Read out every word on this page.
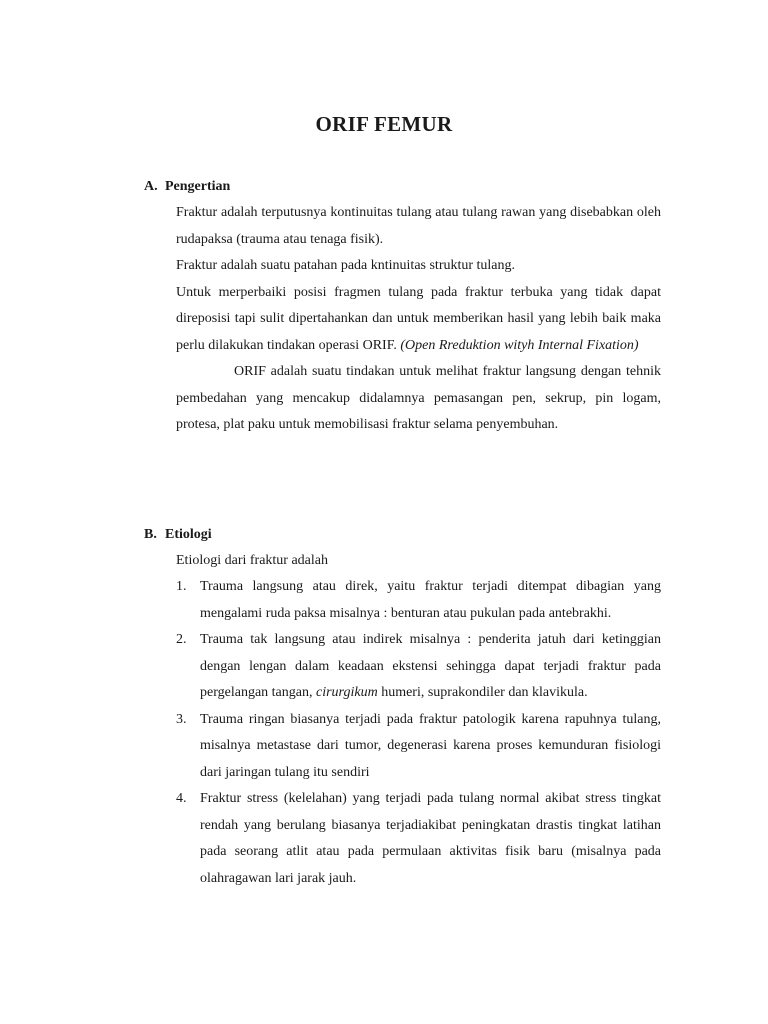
ORIF FEMUR
A. Pengertian

Fraktur adalah terputusnya kontinuitas tulang atau tulang rawan yang disebabkan oleh rudapaksa (trauma atau tenaga fisik).

Fraktur adalah suatu patahan pada kntinuitas struktur tulang.

Untuk merperbaiki posisi fragmen tulang pada fraktur terbuka yang tidak dapat direposisi tapi sulit dipertahankan dan untuk memberikan hasil yang lebih baik maka perlu dilakukan tindakan operasi ORIF. (Open Rreduktion wityh Internal Fixation)

ORIF adalah suatu tindakan untuk melihat fraktur langsung dengan tehnik pembedahan yang mencakup didalamnya pemasangan pen, sekrup, pin logam, protesa, plat paku untuk memobilisasi fraktur selama penyembuhan.

B. Etiologi

Etiologi dari fraktur adalah

1. Trauma langsung atau direk, yaitu fraktur terjadi ditempat dibagian yang mengalami ruda paksa misalnya : benturan atau pukulan pada antebrakhi.
2. Trauma tak langsung atau indirek misalnya : penderita jatuh dari ketinggian dengan lengan dalam keadaan ekstensi sehingga dapat terjadi fraktur pada pergelangan tangan, cirurgikum humeri, suprakondiler dan klavikula.
3. Trauma ringan biasanya terjadi pada fraktur patologik karena rapuhnya tulang, misalnya metastase dari tumor, degenerasi karena proses kemunduran fisiologi dari jaringan tulang itu sendiri
4. Fraktur stress (kelelahan) yang terjadi pada tulang normal akibat stress tingkat rendah yang berulang biasanya terjadiakibat peningkatan drastis tingkat latihan pada seorang atlit atau pada permulaan aktivitas fisik baru (misalnya pada olahragawan lari jarak jauh.
